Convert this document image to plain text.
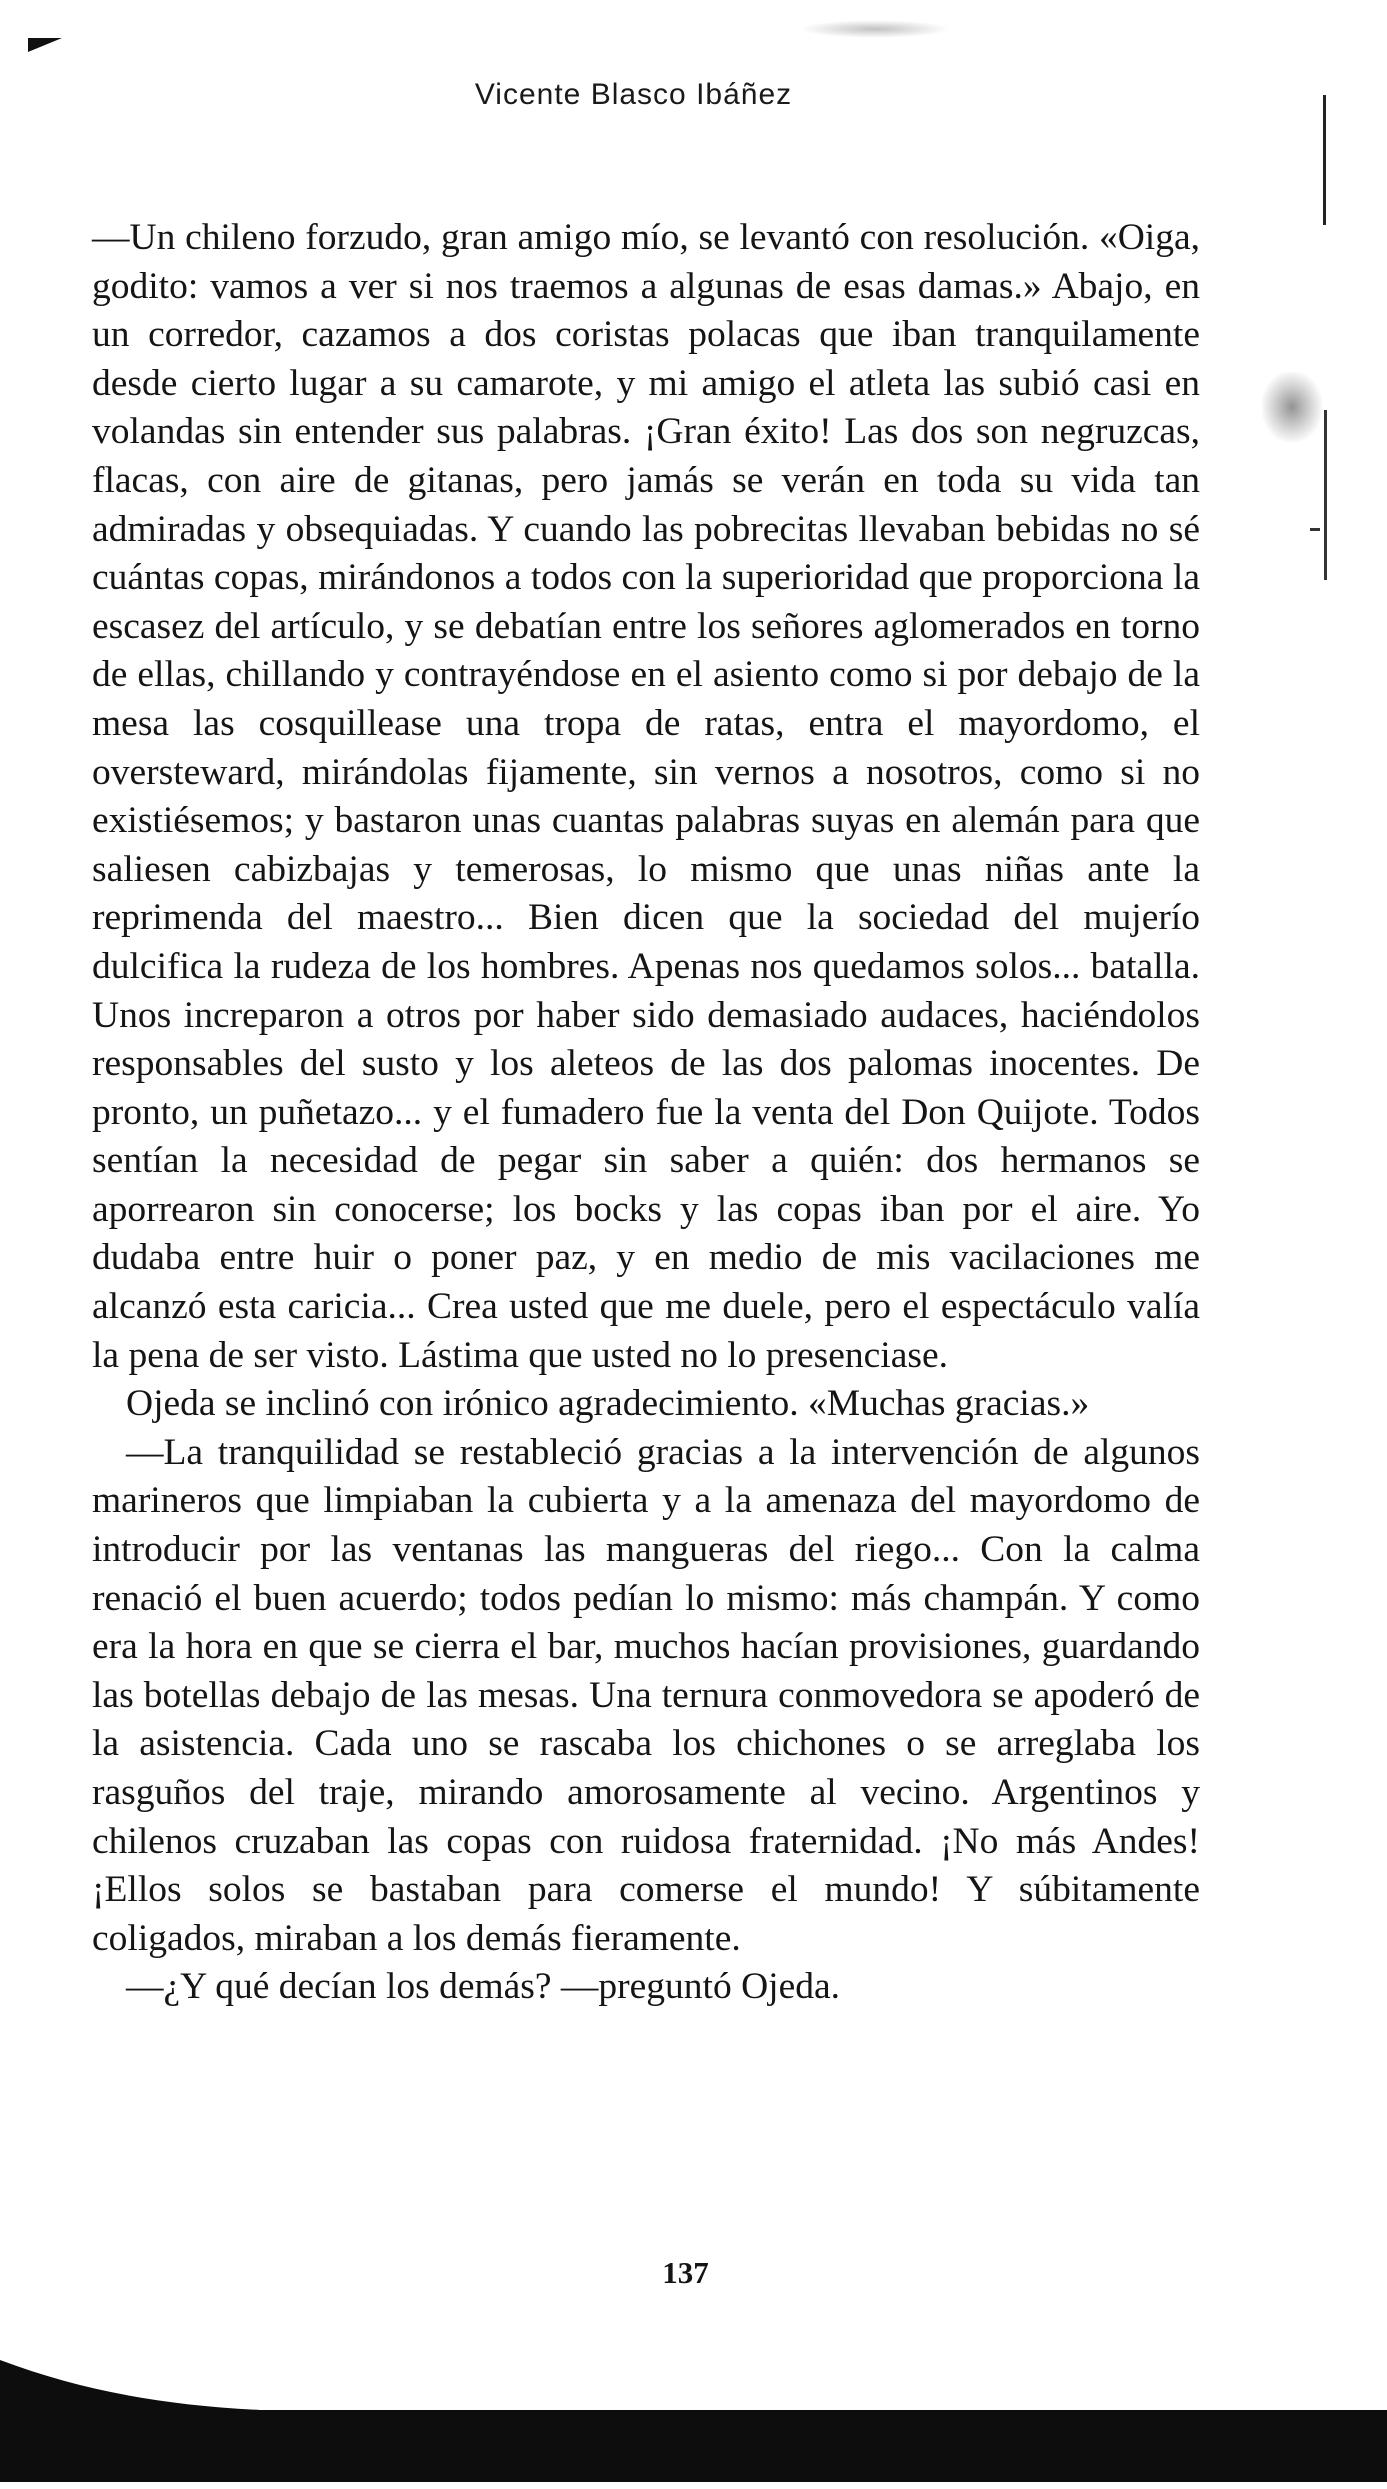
Vicente Blasco Ibáñez

—Un chileno forzudo, gran amigo mío, se levantó con resolución. «Oiga, godito: vamos a ver si nos traemos a algunas de esas damas.» Abajo, en un corredor, cazamos a dos coristas polacas que iban tranquilamente desde cierto lugar a su camarote, y mi amigo el atleta las subió casi en volandas sin entender sus palabras. ¡Gran éxito! Las dos son negruzcas, flacas, con aire de gitanas, pero jamás se verán en toda su vida tan admiradas y obsequiadas. Y cuando las pobrecitas llevaban bebidas no sé cuántas copas, mirándonos a todos con la superioridad que proporciona la escasez del artículo, y se debatían entre los señores aglomerados en torno de ellas, chillando y contrayéndose en el asiento como si por debajo de la mesa las cosquillease una tropa de ratas, entra el mayordomo, el oversteward, mirándolas fijamente, sin vernos a nosotros, como si no existiésemos; y bastaron unas cuantas palabras suyas en alemán para que saliesen cabizbajas y temerosas, lo mismo que unas niñas ante la reprimenda del maestro... Bien dicen que la sociedad del mujerío dulcifica la rudeza de los hombres. Apenas nos quedamos solos... batalla. Unos increparon a otros por haber sido demasiado audaces, haciéndolos responsables del susto y los aleteos de las dos palomas inocentes. De pronto, un puñetazo... y el fumadero fue la venta del Don Quijote. Todos sentían la necesidad de pegar sin saber a quién: dos hermanos se aporrearon sin conocerse; los bocks y las copas iban por el aire. Yo dudaba entre huir o poner paz, y en medio de mis vacilaciones me alcanzó esta caricia... Crea usted que me duele, pero el espectáculo valía la pena de ser visto. Lástima que usted no lo presenciase.

Ojeda se inclinó con irónico agradecimiento. «Muchas gracias.»

—La tranquilidad se restableció gracias a la intervención de algunos marineros que limpiaban la cubierta y a la amenaza del mayordomo de introducir por las ventanas las mangueras del riego... Con la calma renació el buen acuerdo; todos pedían lo mismo: más champán. Y como era la hora en que se cierra el bar, muchos hacían provisiones, guardando las botellas debajo de las mesas. Una ternura conmovedora se apoderó de la asistencia. Cada uno se rascaba los chichones o se arreglaba los rasguños del traje, mirando amorosamente al vecino. Argentinos y chilenos cruzaban las copas con ruidosa fraternidad. ¡No más Andes! ¡Ellos solos se bastaban para comerse el mundo! Y súbitamente coligados, miraban a los demás fieramente.

—¿Y qué decían los demás? —preguntó Ojeda.

137
